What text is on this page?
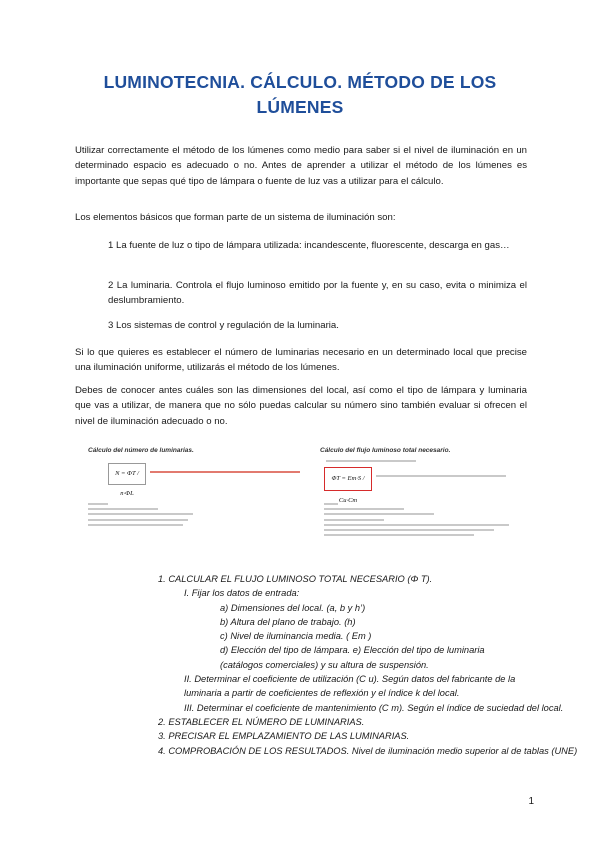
LUMINOTECNIA. CÁLCULO. MÉTODO DE LOS LÚMENES

Utilizar correctamente el método de los lúmenes como medio para saber si el nivel de iluminación en un determinado espacio es adecuado o no. Antes de aprender a utilizar el método de los lúmenes es importante que sepas qué tipo de lámpara o fuente de luz vas a utilizar para el cálculo.

Los elementos básicos que forman parte de un sistema de iluminación son:

1 La fuente de luz o tipo de lámpara utilizada: incandescente, fluorescente, descarga en gas…

2 La luminaria. Controla el flujo luminoso emitido por la fuente y, en su caso, evita o minimiza el deslumbramiento.

3 Los sistemas de control y regulación de la luminaria.

Si lo que quieres es establecer el número de luminarias necesario en un determinado local que precise una iluminación uniforme, utilizarás el método de los lúmenes.

Debes de conocer antes cuáles son las dimensiones del local, así como el tipo de lámpara y luminaria que vas a utilizar, de manera que no sólo puedas calcular su número sino también evaluar si ofrecen el nivel de iluminación adecuado o no.

Cálculo del número de luminarias.
N = ΦT / n·ΦL
Cálculo del flujo luminoso total necesario.
ΦT = Em·S / Cu·Cm
1. CALCULAR EL FLUJO LUMINOSO TOTAL NECESARIO (Φ T).
I. Fijar los datos de entrada:
a) Dimensiones del local. (a, b y h’)
b) Altura del plano de trabajo. (h)
c) Nivel de iluminancia media. ( Em )
d) Elección del tipo de lámpara. e) Elección del tipo de luminaria (catálogos comerciales) y su altura de suspensión.
II. Determinar el coeficiente de utilización (C u). Según datos del fabricante de la luminaria a partir de coeficientes de reflexión y el índice k del local.
III. Determinar el coeficiente de mantenimiento (C m). Según el índice de suciedad del local.
2. ESTABLECER EL NÚMERO DE LUMINARIAS.
3. PRECISAR EL EMPLAZAMIENTO DE LAS LUMINARIAS.
4. COMPROBACIÓN DE LOS RESULTADOS. Nivel de iluminación medio superior al de tablas (UNE)
1
